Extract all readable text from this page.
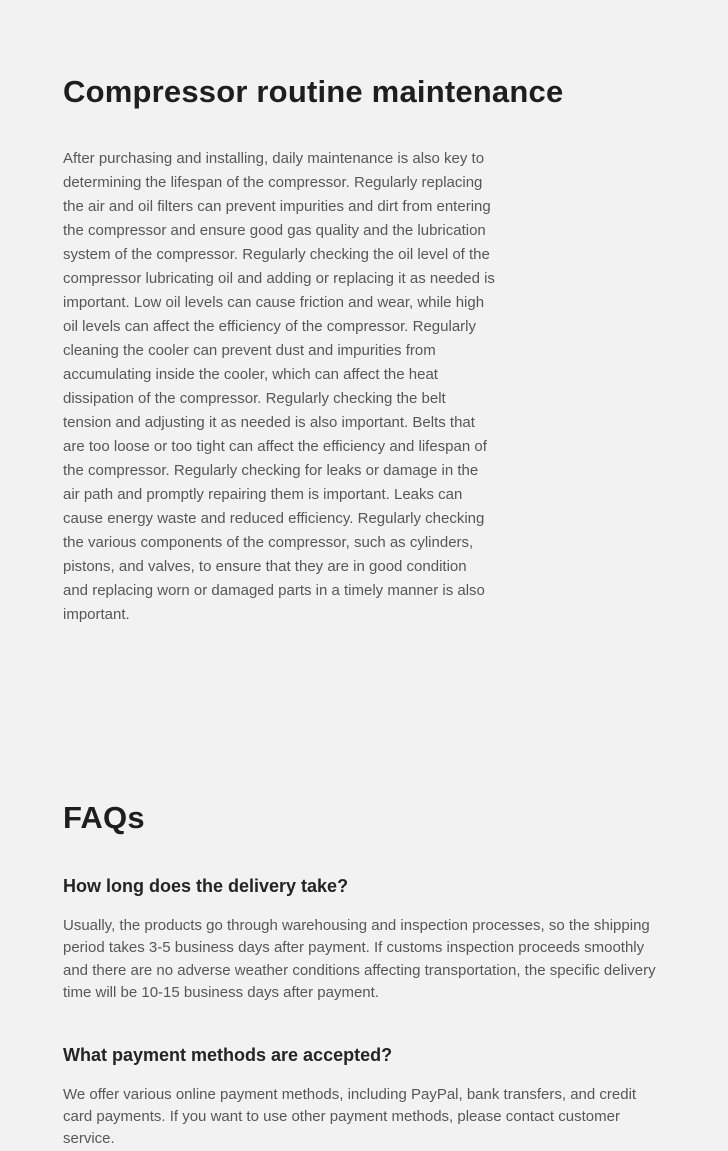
Compressor routine maintenance

After purchasing and installing, daily maintenance is also key to determining the lifespan of the compressor. Regularly replacing the air and oil filters can prevent impurities and dirt from entering the compressor and ensure good gas quality and the lubrication system of the compressor. Regularly checking the oil level of the compressor lubricating oil and adding or replacing it as needed is important. Low oil levels can cause friction and wear, while high oil levels can affect the efficiency of the compressor. Regularly cleaning the cooler can prevent dust and impurities from accumulating inside the cooler, which can affect the heat dissipation of the compressor. Regularly checking the belt tension and adjusting it as needed is also important. Belts that are too loose or too tight can affect the efficiency and lifespan of the compressor. Regularly checking for leaks or damage in the air path and promptly repairing them is important. Leaks can cause energy waste and reduced efficiency. Regularly checking the various components of the compressor, such as cylinders, pistons, and valves, to ensure that they are in good condition and replacing worn or damaged parts in a timely manner is also important.

FAQs
How long does the delivery take?

Usually, the products go through warehousing and inspection processes, so the shipping period takes 3-5 business days after payment. If customs inspection proceeds smoothly and there are no adverse weather conditions affecting transportation, the specific delivery time will be 10-15 business days after payment.

What payment methods are accepted?

We offer various online payment methods, including PayPal, bank transfers, and credit card payments. If you want to use other payment methods, please contact customer service.
